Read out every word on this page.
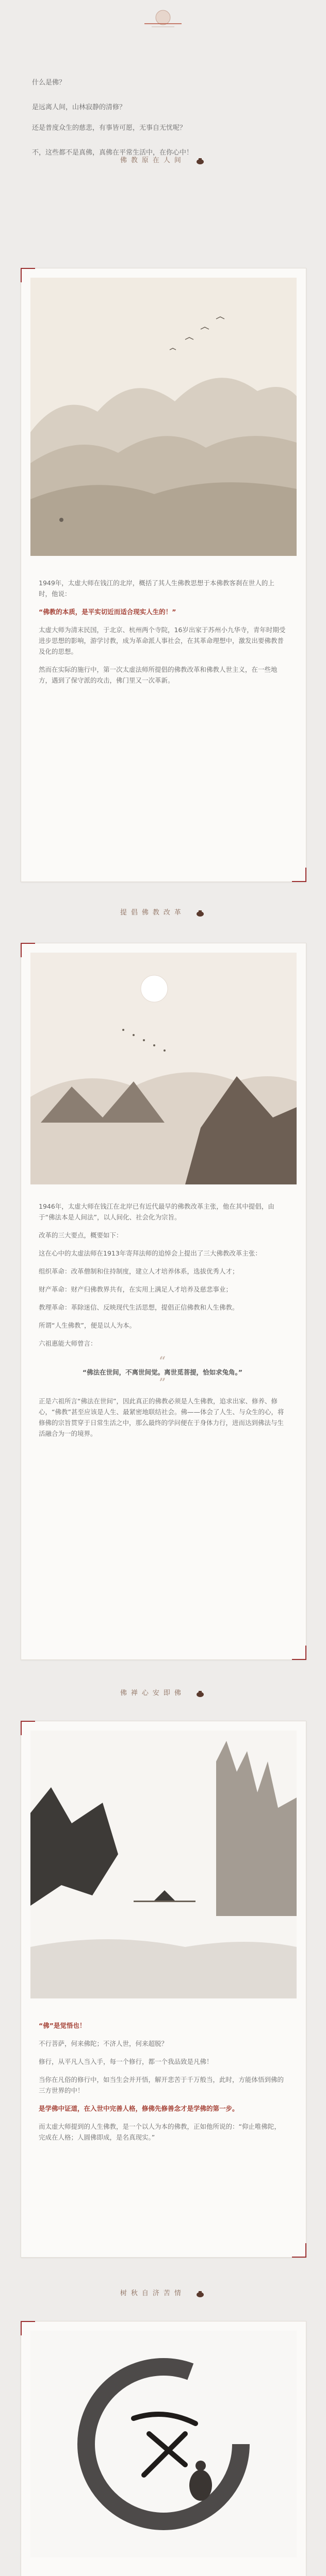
什么是佛？

是远离人间，山林寂静的清修？

还是普度众生的慈悲，有事皆可愿，无事自无忧呢？

不，这些都不是真佛，真佛在平常生活中，在你心中！

佛教原在人间

1949年，太虚大师在钱江的北岸，概括了其人生佛教思想于本佛教客刹在世人的上时，他说：

“佛教的本质，是平实切近而适合现实人生的！”

太虚大师为清末民国，于北京、杭州两个寺院，16岁出家于苏州小九华寺，青年时期受进步思想的影响，游学讨教，成为革命派人事社会，在其革命理想中，激发出要佛教普及化的思想。

然而在实际的施行中，第一次太虚法师所提倡的佛教改革和佛教人世主义，在一些地方，遇到了保守派的攻击，佛门里又一次革新。

提倡佛教改革

1946年，太虚大师在钱江在北岸已有近代最早的佛教改革主张，他在其中提倡，由于“佛法本是人间法”，以人间化、社会化为宗旨。

改革的三大要点，概要如下：

这在心中的太虚法师在1913年寄拜法师的追悼会上提出了三大佛教改革主张：

组织革命：改革僧制和住持制度，建立人才培养体系，选拔优秀人才；

财产革命：财产归佛教界共有，在实用上满足人才培养及慈悲事业；

教理革命：革除迷信、反映现代生活思想，提倡正信佛教和人生佛教。

所谓“人生佛教”，便是以人为本。

六祖惠能大师曾言：

“
“佛法在世间，不离世间觉。离世觅菩提，恰如求兔角。”
”

正是六祖所言“佛法在世间”，因此真正的佛教必须是人生佛教，追求出家、修养、修心，“佛教”甚至应该是人生、最紧密地联结社会。佛——体会了人生、与众生的心，将修佛的宗旨贯穿于日常生活之中，那么最终的学问便在于身体力行，进而达到佛法与生活融合为一的境界。

佛禅心安即佛

“佛”是觉悟也！

不行菩萨，何来佛陀；不济人世，何来超脱？

修行，从平凡人当入手，每一个修行，都一个我品致是凡佛！

当你在凡俗的修行中，如当生会并开悟，解开悲苦于千万般当，此时，方能体悟到佛的三方世界的中！

是学佛中证道，在入世中完善人格，修佛先修善念才是学佛的第一步。

而太虚大师提到的人生佛教，是一个以人为本的佛教，正如他所说的：“仰止唯佛陀，完成在人格；人圆佛即成，是名真现实。”

树秋自济苦情
